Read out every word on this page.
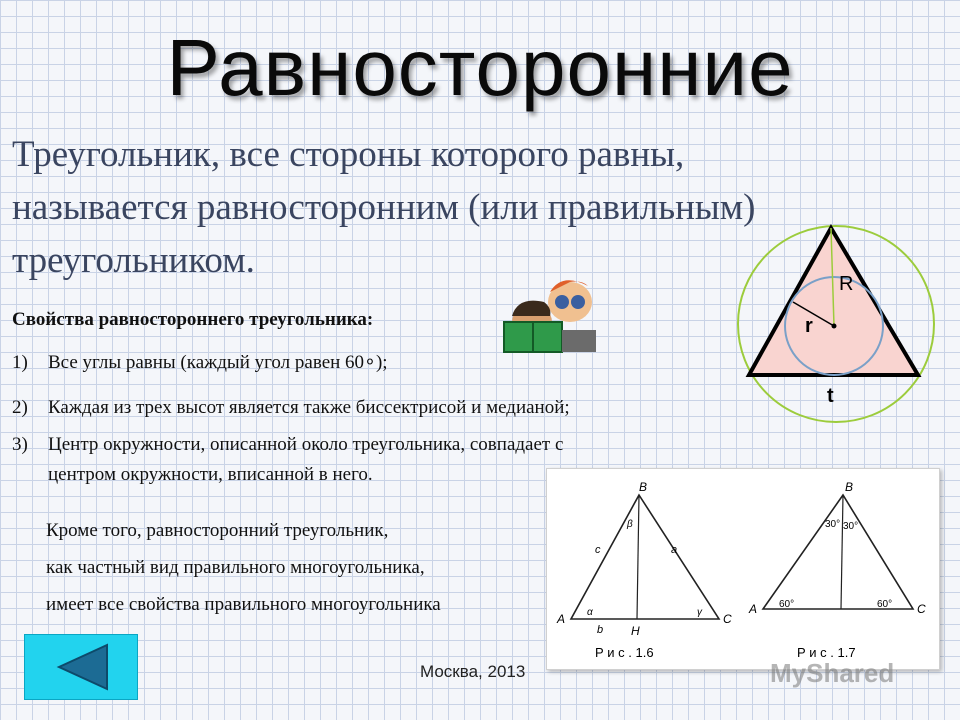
Равносторонние
Треугольник, все стороны которого равны,
называется равносторонним (или правильным)
треугольником.
Свойства равностороннего треугольника:
1) Все углы равны (каждый угол равен 60∘);
2)Каждая из трех высот является также биссектрисой и медианой;
3)Центр окружности, описанной около треугольника, совпадает с
центром окружности, вписанной в него.
Кроме того, равносторонний треугольник,
как частный вид правильного многоугольника,
имеет все свойства правильного многоугольника
R
r
t
B
A	C
H
c	a
b
β
α	γ
Р и с . 1.6
B
A	C
30° 30°
60°	60°
Р и с . 1.7
MyShared
Москва, 2013
